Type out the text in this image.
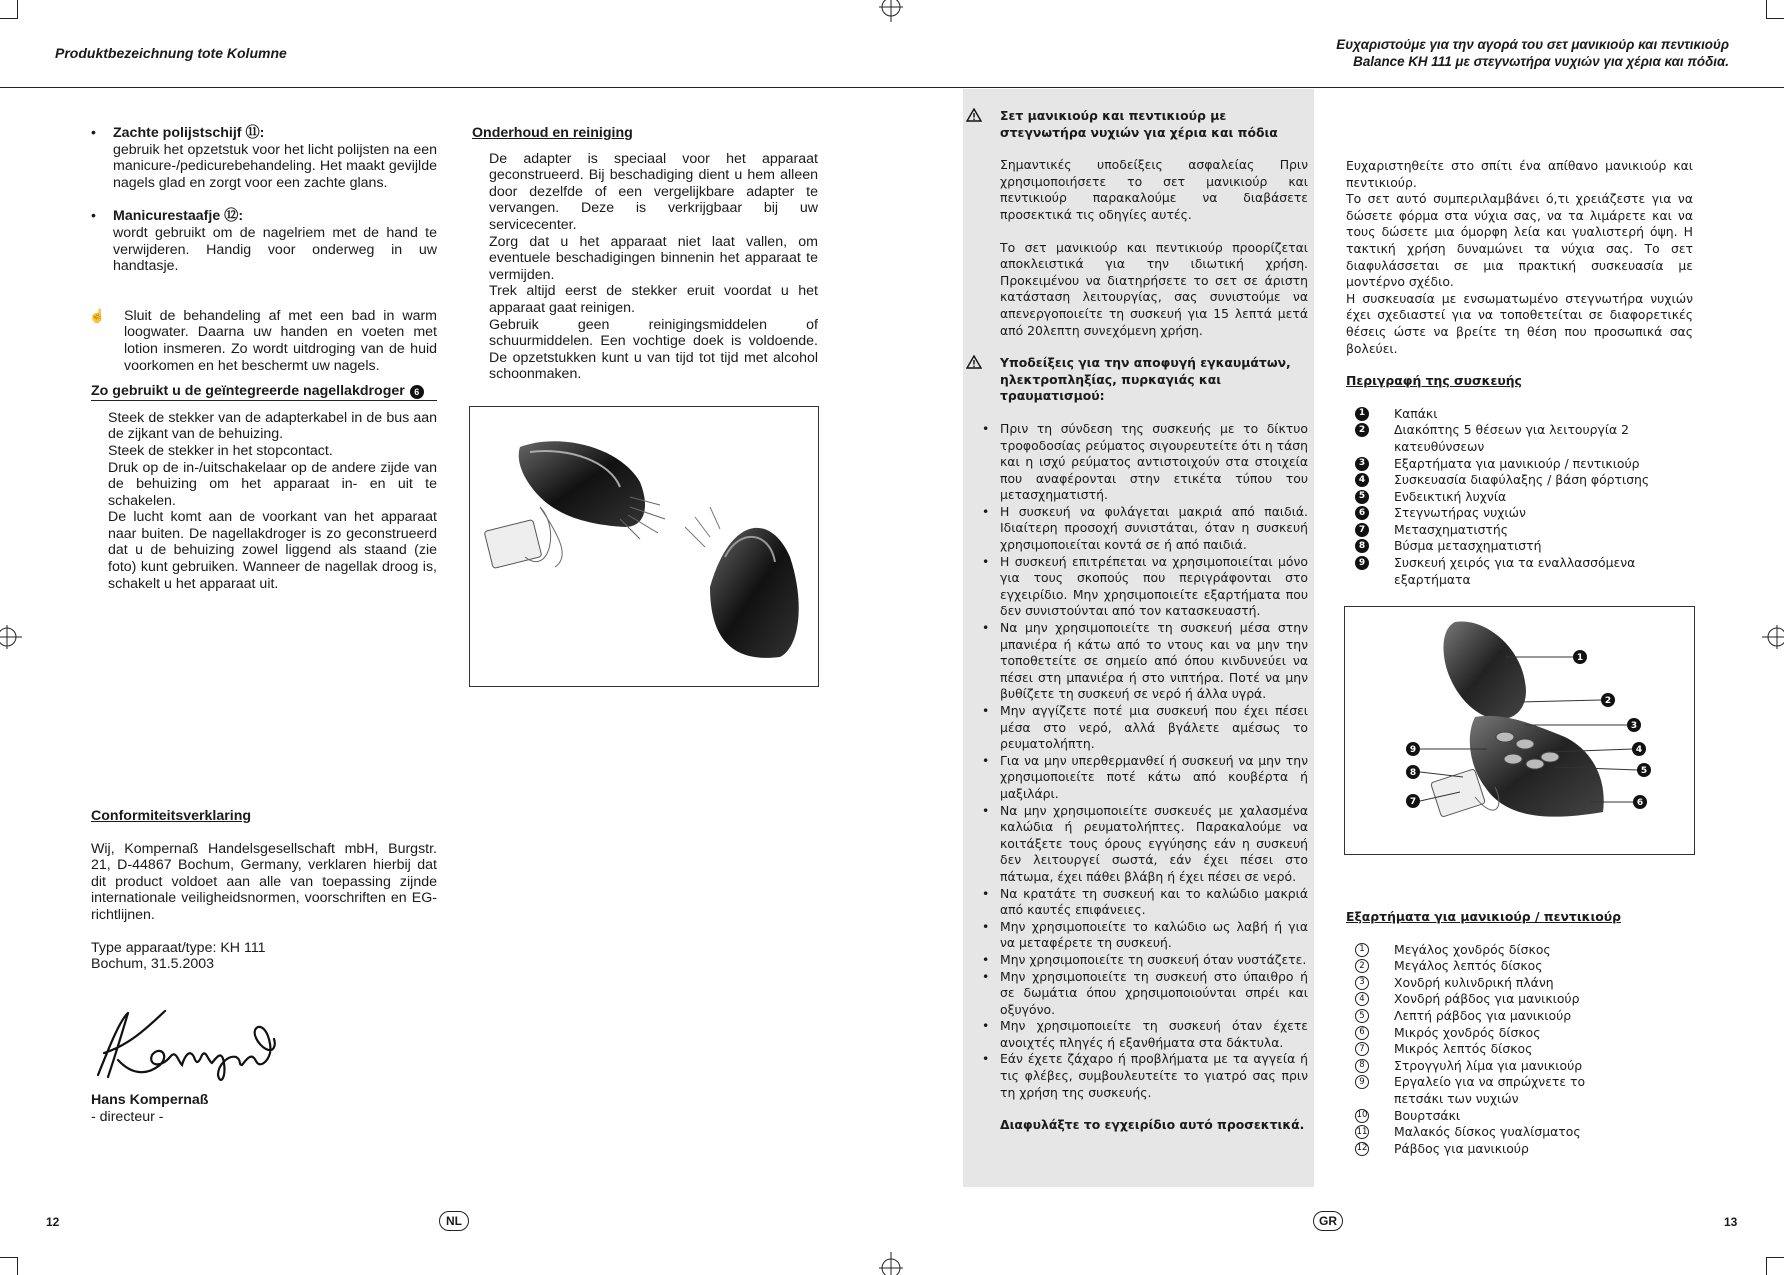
Produktbezeichnung tote Kolumne
Ευχαριστούμε για την αγορά του σετ μανικιούρ και πεντικιούρ
Balance KH 111 με στεγνωτήρα νυχιών για χέρια και πόδια.
•	Zachte polijstschijf ⑪:
gebruik het opzetstuk voor het licht polijsten na een manicure-/pedicurebehandeling. Het maakt gevijlde nagels glad en zorgt voor een zachte glans.
•	Manicurestaafje ⑫:
wordt gebruikt om de nagelriem met de hand te verwijderen. Handig voor onderweg in uw handtasje.
☝	Sluit de behandeling af met een bad in warm loogwater. Daarna uw handen en voeten met lotion insmeren. Zo wordt uitdroging van de huid voorkomen en het beschermt uw nagels.
Zo gebruikt u de geïntegreerde nagellakdroger	6
Steek de stekker van de adapterkabel in de bus aan de zijkant van de behuizing.
Steek de stekker in het stopcontact.
Druk op de in-/uitschakelaar op de andere zijde van de behuizing om het apparaat in- en uit te schakelen.
De lucht komt aan de voorkant van het apparaat naar buiten. De nagellakdroger is zo geconstrueerd dat u de behuizing zowel liggend als staand (zie foto) kunt gebruiken. Wanneer de nagellak droog is, schakelt u het apparaat uit.
Onderhoud en reiniging
De adapter is speciaal voor het apparaat geconstrueerd. Bij beschadiging dient u hem alleen door dezelfde of een vergelijkbare adapter te vervangen. Deze is verkrijgbaar bij uw servicecenter.
Zorg dat u het apparaat niet laat vallen, om eventuele beschadigingen binnenin het apparaat te vermijden.
Trek altijd eerst de stekker eruit voordat u het apparaat gaat reinigen.
Gebruik geen reinigingsmiddelen of schuurmiddelen. Een vochtige doek is voldoende. De opzetstukken kunt u van tijd tot tijd met alcohol schoonmaken.
Conformiteitsverklaring
Wij, Kompernaß Handelsgesellschaft mbH, Burgstr. 21, D-44867 Bochum, Germany, verklaren hierbij dat dit product voldoet aan alle van toepassing zijnde internationale veiligheidsnormen, voorschriften en EG-richtlijnen.
Type apparaat/type: KH 111
Bochum, 31.5.2003
Hans Kompernaß
- directeur -
12	NL
Σετ μανικιούρ και πεντικιούρ με στεγνωτήρα νυχιών για χέρια και πόδια
Σημαντικές υποδείξεις ασφαλείας Πριν χρησιμοποιήσετε το σετ μανικιούρ και πεντικιούρ παρακαλούμε να διαβάσετε προσεκτικά τις οδηγίες αυτές.
Το σετ μανικιούρ και πεντικιούρ προορίζεται αποκλειστικά για την ιδιωτική χρήση. Προκειμένου να διατηρήσετε το σετ σε άριστη κατάσταση λειτουργίας, σας συνιστούμε να απενεργοποιείτε τη συσκευή για 15 λεπτά μετά από 20λεπτη συνεχόμενη χρήση.
Υποδείξεις για την αποφυγή εγκαυμάτων, ηλεκτροπληξίας, πυρκαγιάς και τραυματισμού:
• Πριν τη σύνδεση της συσκευής με το δίκτυο τροφοδοσίας ρεύματος σιγουρευτείτε ότι η τάση και η ισχύ ρεύματος αντιστοιχούν στα στοιχεία που αναφέρονται στην ετικέτα τύπου του μετασχηματιστή.
• Η συσκευή να φυλάγεται μακριά από παιδιά. Ιδιαίτερη προσοχή συνιστάται, όταν η συσκευή χρησιμοποιείται κοντά σε ή από παιδιά.
• Η συσκευή επιτρέπεται να χρησιμοποιείται μόνο για τους σκοπούς που περιγράφονται στο εγχειρίδιο. Μην χρησιμοποιείτε εξαρτήματα που δεν συνιστούνται από τον κατασκευαστή.
• Να μην χρησιμοποιείτε τη συσκευή μέσα στην μπανιέρα ή κάτω από το ντους και να μην την τοποθετείτε σε σημείο από όπου κινδυνεύει να πέσει στη μπανιέρα ή στο νιπτήρα. Ποτέ να μην βυθίζετε τη συσκευή σε νερό ή άλλα υγρά.
• Μην αγγίζετε ποτέ μια συσκευή που έχει πέσει μέσα στο νερό, αλλά βγάλετε αμέσως το ρευματολήπτη.
• Για να μην υπερθερμανθεί ή συσκευή να μην την χρησιμοποιείτε ποτέ κάτω από κουβέρτα ή μαξιλάρι.
• Να μην χρησιμοποιείτε συσκευές με χαλασμένα καλώδια ή ρευματολήπτες. Παρακαλούμε να κοιτάξετε τους όρους εγγύησης εάν η συσκευή δεν λειτουργεί σωστά, εάν έχει πέσει στο πάτωμα, έχει πάθει βλάβη ή έχει πέσει σε νερό.
• Να κρατάτε τη συσκευή και το καλώδιο μακριά από καυτές επιφάνειες.
• Μην χρησιμοποιείτε το καλώδιο ως λαβή ή για να μεταφέρετε τη συσκευή.
• Μην χρησιμοποιείτε τη συσκευή όταν νυστάζετε.
• Μην χρησιμοποιείτε τη συσκευή στο ύπαιθρο ή σε δωμάτια όπου χρησιμοποιούνται σπρέι και οξυγόνο.
• Μην χρησιμοποιείτε τη συσκευή όταν έχετε ανοιχτές πληγές ή εξανθήματα στα δάκτυλα.
• Εάν έχετε ζάχαρο ή προβλήματα με τα αγγεία ή τις φλέβες, συμβουλευτείτε το γιατρό σας πριν τη χρήση της συσκευής.
Διαφυλάξτε το εγχειρίδιο αυτό προσεκτικά.
Ευχαριστηθείτε στο σπίτι ένα απίθανο μανικιούρ και πεντικιούρ.
Το σετ αυτό συμπεριλαμβάνει ό,τι χρειάζεστε για να δώσετε φόρμα στα νύχια σας, να τα λιμάρετε και να τους δώσετε μια όμορφη λεία και γυαλιστερή όψη. Η τακτική χρήση δυναμώνει τα νύχια σας. Το σετ διαφυλάσσεται σε μια πρακτική συσκευασία με μοντέρνο σχέδιο.
Η συσκευασία με ενσωματωμένο στεγνωτήρα νυχιών έχει σχεδιαστεί για να τοποθετείται σε διαφορετικές θέσεις ώστε να βρείτε τη θέση που προσωπικά σας βολεύει.
Περιγραφή της συσκευής
1	Καπάκι
2	Διακόπτης 5 θέσεων για λειτουργία 2 κατευθύνσεων
3	Εξαρτήματα για μανικιούρ / πεντικιούρ
4	Συσκευασία διαφύλαξης / βάση φόρτισης
5	Ενδεικτική λυχνία
6	Στεγνωτήρας νυχιών
7	Μετασχηματιστής
8	Βύσμα μετασχηματιστή
9	Συσκευή χειρός για τα εναλλασσόμενα εξαρτήματα
1
2
3
4
5
6
7
8
9
Εξαρτήματα για μανικιούρ / πεντικιούρ
1	Μεγάλος χονδρός δίσκος
2	Μεγάλος λεπτός δίσκος
3	Χονδρή κυλινδρική πλάνη
4	Χονδρή ράβδος για μανικιούρ
5	Λεπτή ράβδος για μανικιούρ
6	Μικρός χονδρός δίσκος
7	Μικρός λεπτός δίσκος
8	Στρογγυλή λίμα για μανικιούρ
9	Εργαλείο για να σπρώχνετε το πετσάκι των νυχιών
10 Βουρτσάκι
11 Μαλακός δίσκος γυαλίσματος
12 Ράβδος για μανικιούρ
GR	13
